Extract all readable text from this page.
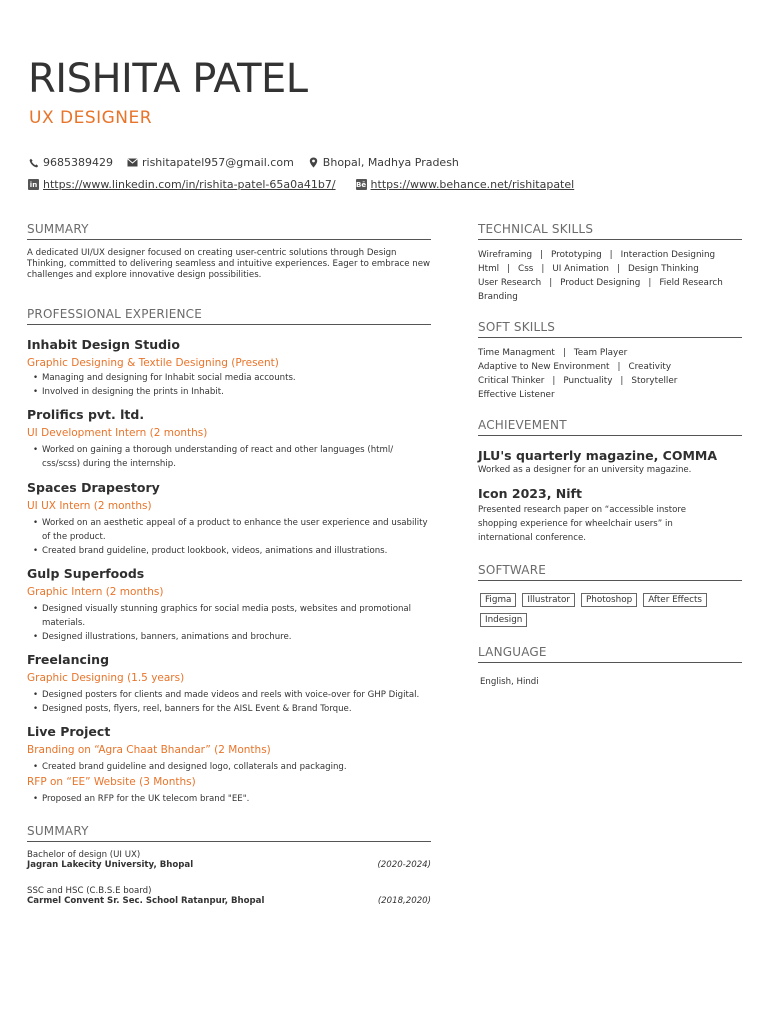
RISHITA PATEL
UX DESIGNER
9685389429	rishitapatel957@gmail.com	Bhopal, Madhya Pradesh
in https://www.linkedin.com/in/rishita-patel-65a0a41b7/	Bē https://www.behance.net/rishitapatel
SUMMARY
A dedicated UI/UX designer focused on creating user-centric solutions through Design Thinking, committed to delivering seamless and intuitive experiences. Eager to embrace new challenges and explore innovative design possibilities.
PROFESSIONAL EXPERIENCE
Inhabit Design Studio
Graphic Designing & Textile Designing (Present)
• Managing and designing for Inhabit social media accounts.
• Involved in designing the prints in Inhabit.
Prolifics pvt. ltd.
UI Development Intern (2 months)
• Worked on gaining a thorough understanding of react and other languages (html/ css/scss) during the internship.
Spaces Drapestory
UI UX Intern (2 months)
• Worked on an aesthetic appeal of a product to enhance the user experience and usability of the product.
• Created brand guideline, product lookbook, videos, animations and illustrations.
Gulp Superfoods
Graphic Intern (2 months)
• Designed visually stunning graphics for social media posts, websites and promotional materials.
• Designed illustrations, banners, animations and brochure.
Freelancing
Graphic Designing (1.5 years)
• Designed posters for clients and made videos and reels with voice-over for GHP Digital.
• Designed posts, flyers, reel, banners for the AISL Event & Brand Torque.
Live Project
Branding on “Agra Chaat Bhandar” (2 Months)
• Created brand guideline and designed logo, collaterals and packaging.
RFP on “EE” Website (3 Months)
• Proposed an RFP for the UK telecom brand "EE".
SUMMARY
Bachelor of design (UI UX)
Jagran Lakecity University, Bhopal	(2020-2024)
SSC and HSC (C.B.S.E board)
Carmel Convent Sr. Sec. School Ratanpur, Bhopal	(2018,2020)
TECHNICAL SKILLS
Wireframing | Prototyping | Interaction Designing
Html | Css | UI Animation | Design Thinking
User Research | Product Designing | Field Research
Branding
SOFT SKILLS
Time Managment | Team Player
Adaptive to New Environment | Creativity
Critical Thinker | Punctuality | Storyteller
Effective Listener
ACHIEVEMENT
JLU's quarterly magazine, COMMA
Worked as a designer for an university magazine.
Icon 2023, Nift
Presented research paper on “accessible instore shopping experience for wheelchair users” in international conference.
SOFTWARE
Figma	Illustrator	Photoshop	After Effects
Indesign
LANGUAGE
English, Hindi
